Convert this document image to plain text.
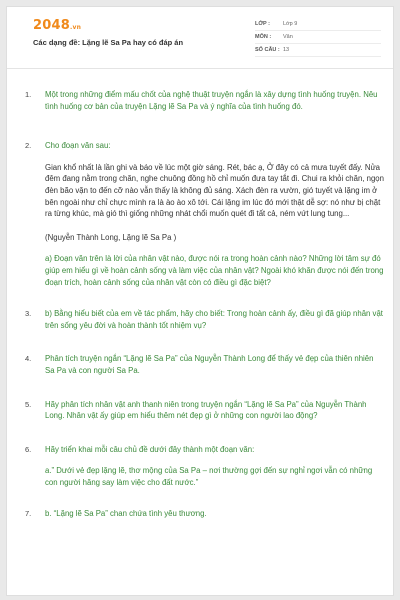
2048.vn
Các dạng đề: Lặng lẽ Sa Pa hay có đáp án
LỚP :	Lớp 9
MÔN :	Văn
SỐ CÂU : 13
1. Một trong những điểm mấu chốt của nghệ thuật truyện ngắn là xây dựng tình huống truyện. Nêu tình huống cơ bản của truyện Lặng lẽ Sa Pa và ý nghĩa của tình huống đó.
2. Cho đoạn văn sau:
Gian khổ nhất là lần ghi và báo về lúc một giờ sáng. Rét, bác ạ, Ở đây có cả mưa tuyết đấy. Nửa đêm đang nằm trong chăn, nghe chuông đồng hồ chỉ muốn đưa tay tắt đi. Chui ra khỏi chăn, ngọn đèn bão vặn to đến cỡ nào vẫn thấy là không đủ sáng. Xách đèn ra vườn, gió tuyết và lặng im ở bên ngoài như chỉ chực mình ra là ào ào xô tới. Cái lặng im lúc đó mới thật dễ sợ: nó như bị chặt ra từng khúc, mà gió thì giống những nhát chổi muốn quét đi tất cả, ném vứt lung tung...
(Nguyễn Thành Long, Lặng lẽ Sa Pa )
a) Đoạn văn trên là lời của nhân vật nào, được nói ra trong hoàn cảnh nào? Những lời tâm sự đó giúp em hiểu gì về hoàn cảnh sống và làm việc của nhân vật? Ngoài khó khăn được nói đến trong đoạn trích, hoàn cảnh sống của nhân vật còn có điều gì đặc biệt?
3. b) Bằng hiểu biết của em về tác phẩm, hãy cho biết: Trong hoàn cảnh ấy, điều gì đã giúp nhân vật trên sống yêu đời và hoàn thành tốt nhiệm vụ?
4. Phân tích truyện ngắn “Lặng lẽ Sa Pa” của Nguyễn Thành Long để thấy vẻ đẹp của thiên nhiên Sa Pa và con người Sa Pa.
5. Hãy phân tích nhân vật anh thanh niên trong truyện ngắn “Lặng lẽ Sa Pa” của Nguyễn Thành Long. Nhân vật ấy giúp em hiểu thêm nét đẹp gì ở những con người lao động?
6. Hãy triển khai mỗi câu chủ đề dưới đây thành một đoạn văn:
a.” Dưới vẻ đẹp lặng lẽ, thơ mộng của Sa Pa – nơi thường gợi đến sự nghỉ ngơi vẫn có những con người hăng say làm việc cho đất nước.”
7. b. “Lặng lẽ Sa Pa” chan chứa tình yêu thương.
